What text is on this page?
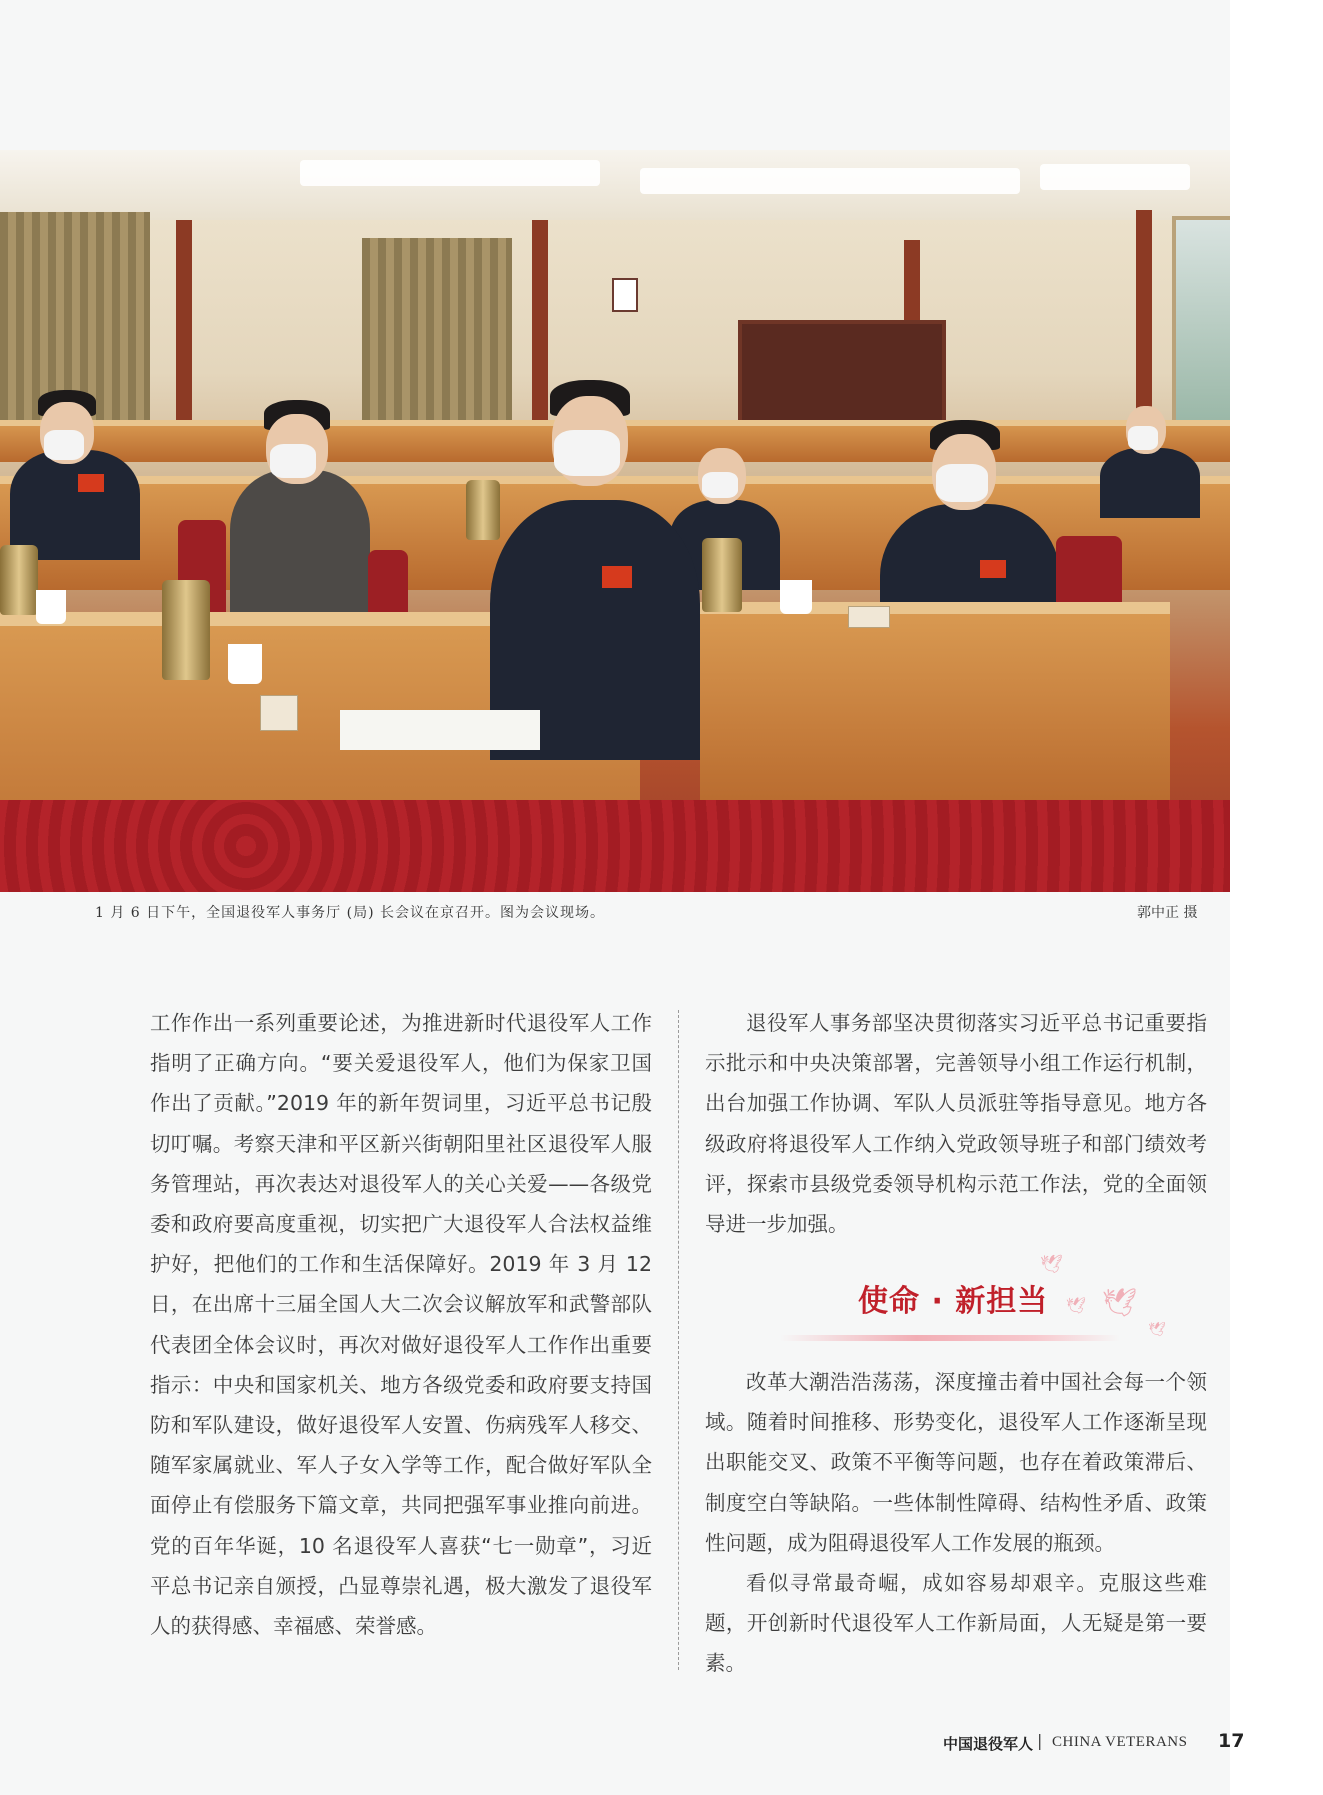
1 月 6 日下午，全国退役军人事务厅 (局) 长会议在京召开。图为会议现场。	郭中正 摄

工作作出一系列重要论述，为推进新时代退役军人工作指明了正确方向。“要关爱退役军人，他们为保家卫国作出了贡献。”2019 年的新年贺词里，习近平总书记殷切叮嘱。考察天津和平区新兴街朝阳里社区退役军人服务管理站，再次表达对退役军人的关心关爱——各级党委和政府要高度重视，切实把广大退役军人合法权益维护好，把他们的工作和生活保障好。2019 年 3 月 12 日，在出席十三届全国人大二次会议解放军和武警部队代表团全体会议时，再次对做好退役军人工作作出重要指示：中央和国家机关、地方各级党委和政府要支持国防和军队建设，做好退役军人安置、伤病残军人移交、随军家属就业、军人子女入学等工作，配合做好军队全面停止有偿服务下篇文章，共同把强军事业推向前进。党的百年华诞，10 名退役军人喜获“七一勋章”，习近平总书记亲自颁授，凸显尊崇礼遇，极大激发了退役军人的获得感、幸福感、荣誉感。

退役军人事务部坚决贯彻落实习近平总书记重要指示批示和中央决策部署，完善领导小组工作运行机制，出台加强工作协调、军队人员派驻等指导意见。地方各级政府将退役军人工作纳入党政领导班子和部门绩效考评，探索市县级党委领导机构示范工作法，党的全面领导进一步加强。

🕊
🕊
🕊
🕊
使命 · 新担当

改革大潮浩浩荡荡，深度撞击着中国社会每一个领域。随着时间推移、形势变化，退役军人工作逐渐呈现出职能交叉、政策不平衡等问题，也存在着政策滞后、制度空白等缺陷。一些体制性障碍、结构性矛盾、政策性问题，成为阻碍退役军人工作发展的瓶颈。

看似寻常最奇崛，成如容易却艰辛。克服这些难题，开创新时代退役军人工作新局面，人无疑是第一要素。

中国退役军人 | CHINA VETERANS 17
